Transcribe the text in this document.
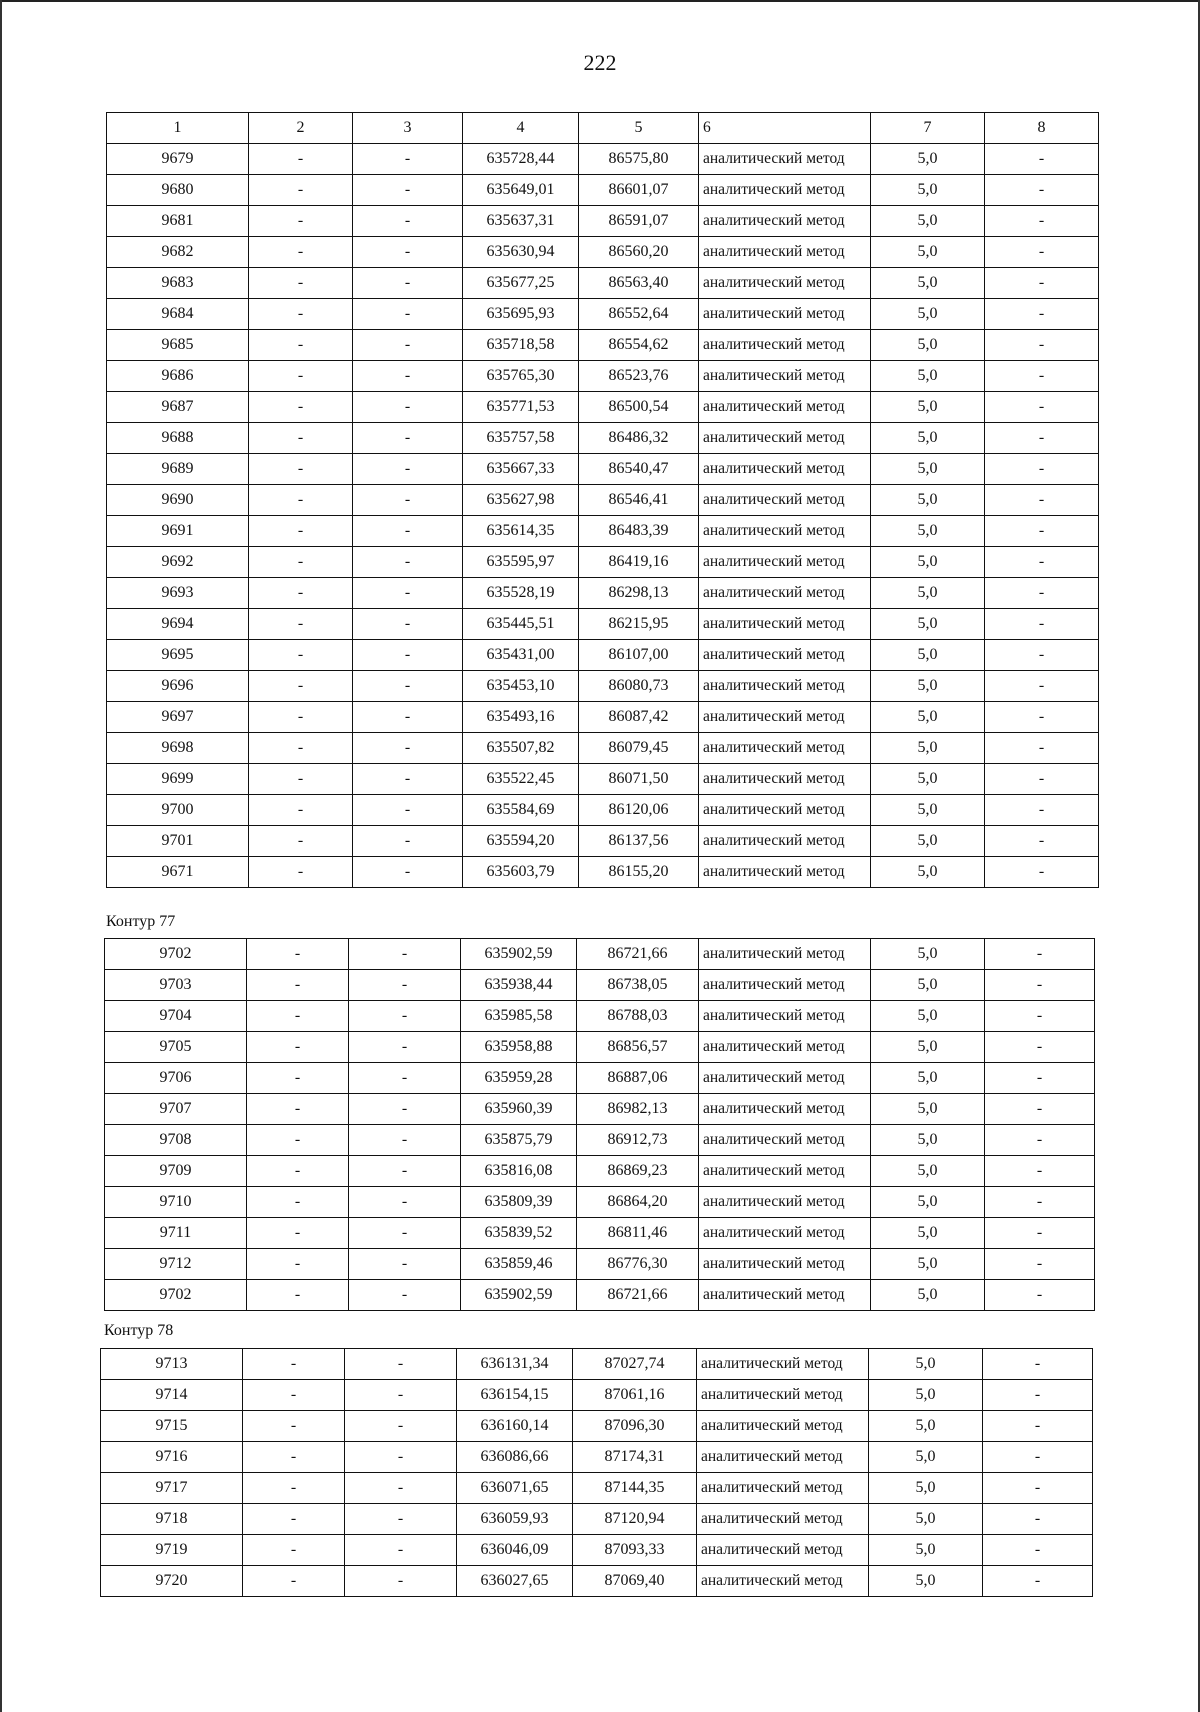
222
1	2	3	4	5	6	7	8
9679	-	-	635728,44	86575,80	аналитический метод	5,0	-
9680	-	-	635649,01	86601,07	аналитический метод	5,0	-
9681	-	-	635637,31	86591,07	аналитический метод	5,0	-
9682	-	-	635630,94	86560,20	аналитический метод	5,0	-
9683	-	-	635677,25	86563,40	аналитический метод	5,0	-
9684	-	-	635695,93	86552,64	аналитический метод	5,0	-
9685	-	-	635718,58	86554,62	аналитический метод	5,0	-
9686	-	-	635765,30	86523,76	аналитический метод	5,0	-
9687	-	-	635771,53	86500,54	аналитический метод	5,0	-
9688	-	-	635757,58	86486,32	аналитический метод	5,0	-
9689	-	-	635667,33	86540,47	аналитический метод	5,0	-
9690	-	-	635627,98	86546,41	аналитический метод	5,0	-
9691	-	-	635614,35	86483,39	аналитический метод	5,0	-
9692	-	-	635595,97	86419,16	аналитический метод	5,0	-
9693	-	-	635528,19	86298,13	аналитический метод	5,0	-
9694	-	-	635445,51	86215,95	аналитический метод	5,0	-
9695	-	-	635431,00	86107,00	аналитический метод	5,0	-
9696	-	-	635453,10	86080,73	аналитический метод	5,0	-
9697	-	-	635493,16	86087,42	аналитический метод	5,0	-
9698	-	-	635507,82	86079,45	аналитический метод	5,0	-
9699	-	-	635522,45	86071,50	аналитический метод	5,0	-
9700	-	-	635584,69	86120,06	аналитический метод	5,0	-
9701	-	-	635594,20	86137,56	аналитический метод	5,0	-
9671	-	-	635603,79	86155,20	аналитический метод	5,0	-
Контур 77
9702	-	-	635902,59	86721,66	аналитический метод	5,0	-
9703	-	-	635938,44	86738,05	аналитический метод	5,0	-
9704	-	-	635985,58	86788,03	аналитический метод	5,0	-
9705	-	-	635958,88	86856,57	аналитический метод	5,0	-
9706	-	-	635959,28	86887,06	аналитический метод	5,0	-
9707	-	-	635960,39	86982,13	аналитический метод	5,0	-
9708	-	-	635875,79	86912,73	аналитический метод	5,0	-
9709	-	-	635816,08	86869,23	аналитический метод	5,0	-
9710	-	-	635809,39	86864,20	аналитический метод	5,0	-
9711	-	-	635839,52	86811,46	аналитический метод	5,0	-
9712	-	-	635859,46	86776,30	аналитический метод	5,0	-
9702	-	-	635902,59	86721,66	аналитический метод	5,0	-
Контур 78
9713	-	-	636131,34	87027,74	аналитический метод	5,0	-
9714	-	-	636154,15	87061,16	аналитический метод	5,0	-
9715	-	-	636160,14	87096,30	аналитический метод	5,0	-
9716	-	-	636086,66	87174,31	аналитический метод	5,0	-
9717	-	-	636071,65	87144,35	аналитический метод	5,0	-
9718	-	-	636059,93	87120,94	аналитический метод	5,0	-
9719	-	-	636046,09	87093,33	аналитический метод	5,0	-
9720	-	-	636027,65	87069,40	аналитический метод	5,0	-
